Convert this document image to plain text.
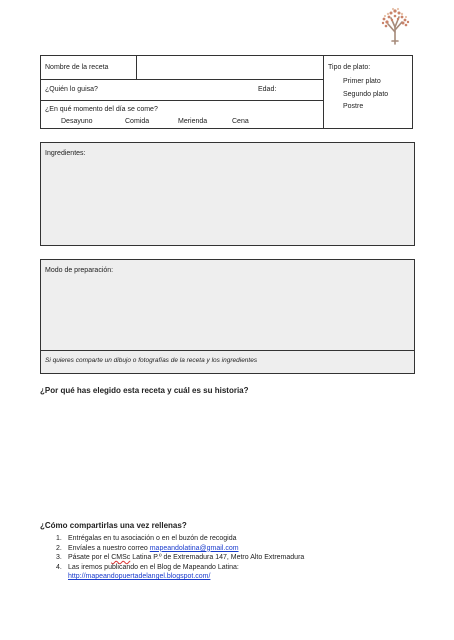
Nombre de la receta
¿Quién lo guisa?	Edad:
¿En qué momento del día se come?
Desayuno	Comida	Merienda	Cena
Tipo de plato:
Primer plato
Segundo plato
Postre
Ingredientes:
Modo de preparación:
Si quieres comparte un dibujo o fotografías de la receta y los ingredientes
¿Por qué has elegido esta receta y cuál es su historia?
¿Cómo compartirlas una vez rellenas?
1. Entrégalas en tu asociación o en el buzón de recogida
2. Envíales a nuestro correo mapeandolatina@gmail.com
3. Pásate por el CMSc Latina P.º de Extremadura 147, Metro Alto Extremadura
4. Las iremos publicando en el Blog de Mapeando Latina:
http://mapeandopuertadelangel.blogspot.com/
